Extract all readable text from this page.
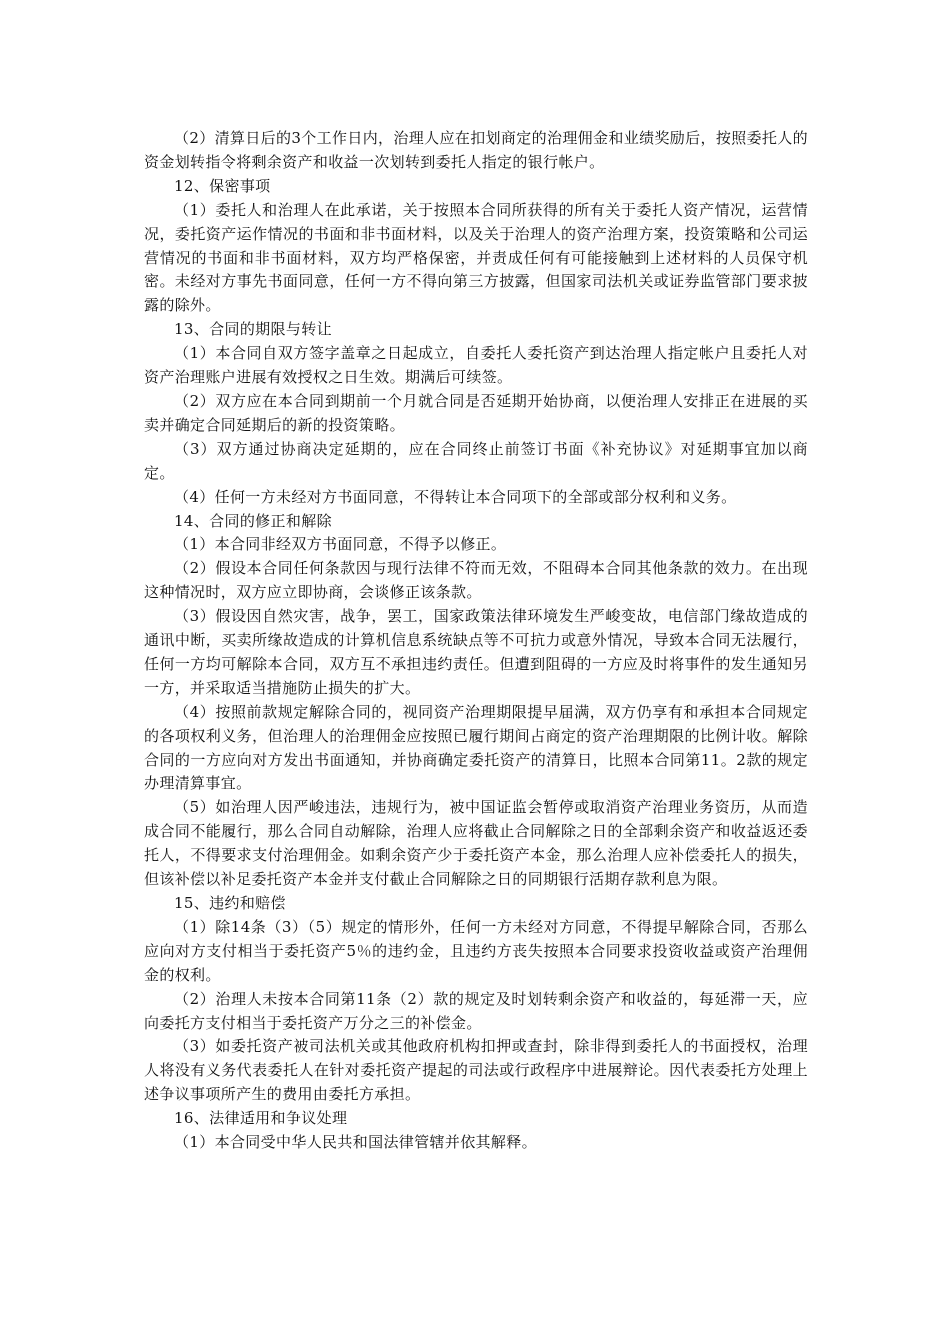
（2）清算日后的3个工作日内，治理人应在扣划商定的治理佣金和业绩奖励后，按照委托人的资金划转指令将剩余资产和收益一次划转到委托人指定的银行帐户。

12、保密事项

（1）委托人和治理人在此承诺，关于按照本合同所获得的所有关于委托人资产情况，运营情况，委托资产运作情况的书面和非书面材料，以及关于治理人的资产治理方案，投资策略和公司运营情况的书面和非书面材料，双方均严格保密，并责成任何有可能接触到上述材料的人员保守机密。未经对方事先书面同意，任何一方不得向第三方披露，但国家司法机关或证券监管部门要求披露的除外。

13、合同的期限与转让

（1）本合同自双方签字盖章之日起成立，自委托人委托资产到达治理人指定帐户且委托人对资产治理账户进展有效授权之日生效。期满后可续签。

（2）双方应在本合同到期前一个月就合同是否延期开始协商，以便治理人安排正在进展的买卖并确定合同延期后的新的投资策略。

（3）双方通过协商决定延期的，应在合同终止前签订书面《补充协议》对延期事宜加以商定。

（4）任何一方未经对方书面同意，不得转让本合同项下的全部或部分权利和义务。

14、合同的修正和解除

（1）本合同非经双方书面同意，不得予以修正。

（2）假设本合同任何条款因与现行法律不符而无效，不阻碍本合同其他条款的效力。在出现这种情况时，双方应立即协商，会谈修正该条款。

（3）假设因自然灾害，战争，罢工，国家政策法律环境发生严峻变故，电信部门缘故造成的通讯中断，买卖所缘故造成的计算机信息系统缺点等不可抗力或意外情况，导致本合同无法履行，任何一方均可解除本合同，双方互不承担违约责任。但遭到阻碍的一方应及时将事件的发生通知另一方，并采取适当措施防止损失的扩大。

（4）按照前款规定解除合同的，视同资产治理期限提早届满，双方仍享有和承担本合同规定的各项权利义务，但治理人的治理佣金应按照已履行期间占商定的资产治理期限的比例计收。解除合同的一方应向对方发出书面通知，并协商确定委托资产的清算日，比照本合同第11。2款的规定办理清算事宜。

（5）如治理人因严峻违法，违规行为，被中国证监会暂停或取消资产治理业务资历，从而造成合同不能履行，那么合同自动解除，治理人应将截止合同解除之日的全部剩余资产和收益返还委托人，不得要求支付治理佣金。如剩余资产少于委托资产本金，那么治理人应补偿委托人的损失，但该补偿以补足委托资产本金并支付截止合同解除之日的同期银行活期存款利息为限。

15、违约和赔偿

（1）除14条（3）（5）规定的情形外，任何一方未经对方同意，不得提早解除合同，否那么应向对方支付相当于委托资产5％的违约金，且违约方丧失按照本合同要求投资收益或资产治理佣金的权利。

（2）治理人未按本合同第11条（2）款的规定及时划转剩余资产和收益的，每延滞一天，应向委托方支付相当于委托资产万分之三的补偿金。

（3）如委托资产被司法机关或其他政府机构扣押或查封，除非得到委托人的书面授权，治理人将没有义务代表委托人在针对委托资产提起的司法或行政程序中进展辩论。因代表委托方处理上述争议事项所产生的费用由委托方承担。

16、法律适用和争议处理

（1）本合同受中华人民共和国法律管辖并依其解释。
